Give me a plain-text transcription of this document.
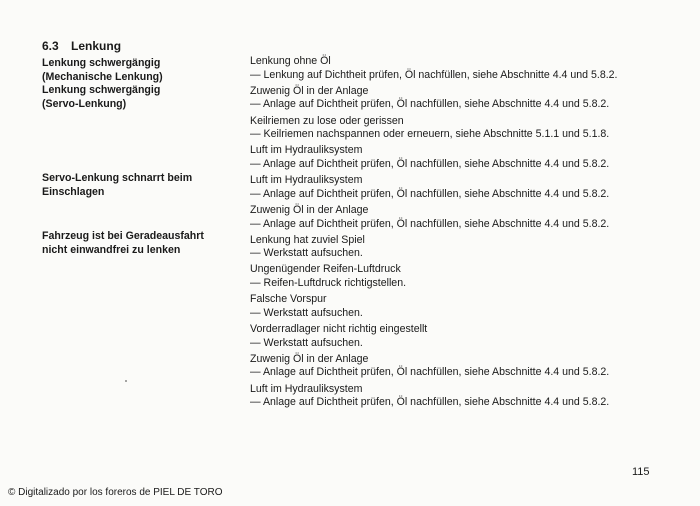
6.3 Lenkung
Lenkung schwergängig
(Mechanische Lenkung)
Lenkung schwergängig
(Servo-Lenkung)
Servo-Lenkung schnarrt beim
Einschlagen
Fahrzeug ist bei Geradeausfahrt
nicht einwandfrei zu lenken
Lenkung ohne Öl
— Lenkung auf Dichtheit prüfen, Öl nachfüllen, siehe Abschnitte 4.4 und 5.8.2.
Zuwenig Öl in der Anlage
— Anlage auf Dichtheit prüfen, Öl nachfüllen, siehe Abschnitte 4.4 und 5.8.2.
Keilriemen zu lose oder gerissen
— Keilriemen nachspannen oder erneuern, siehe Abschnitte 5.1.1 und 5.1.8.
Luft im Hydrauliksystem
— Anlage auf Dichtheit prüfen, Öl nachfüllen, siehe Abschnitte 4.4 und 5.8.2.
Luft im Hydrauliksystem
— Anlage auf Dichtheit prüfen, Öl nachfüllen, siehe Abschnitte 4.4 und 5.8.2.
Zuwenig Öl in der Anlage
— Anlage auf Dichtheit prüfen, Öl nachfüllen, siehe Abschnitte 4.4 und 5.8.2.
Lenkung hat zuviel Spiel
— Werkstatt aufsuchen.
Ungenügender Reifen-Luftdruck
— Reifen-Luftdruck richtigstellen.
Falsche Vorspur
— Werkstatt aufsuchen.
Vorderradlager nicht richtig eingestellt
— Werkstatt aufsuchen.
Zuwenig Öl in der Anlage
— Anlage auf Dichtheit prüfen, Öl nachfüllen, siehe Abschnitte 4.4 und 5.8.2.
Luft im Hydrauliksystem
— Anlage auf Dichtheit prüfen, Öl nachfüllen, siehe Abschnitte 4.4 und 5.8.2.
115
© Digitalizado por los foreros de PIEL DE TORO
